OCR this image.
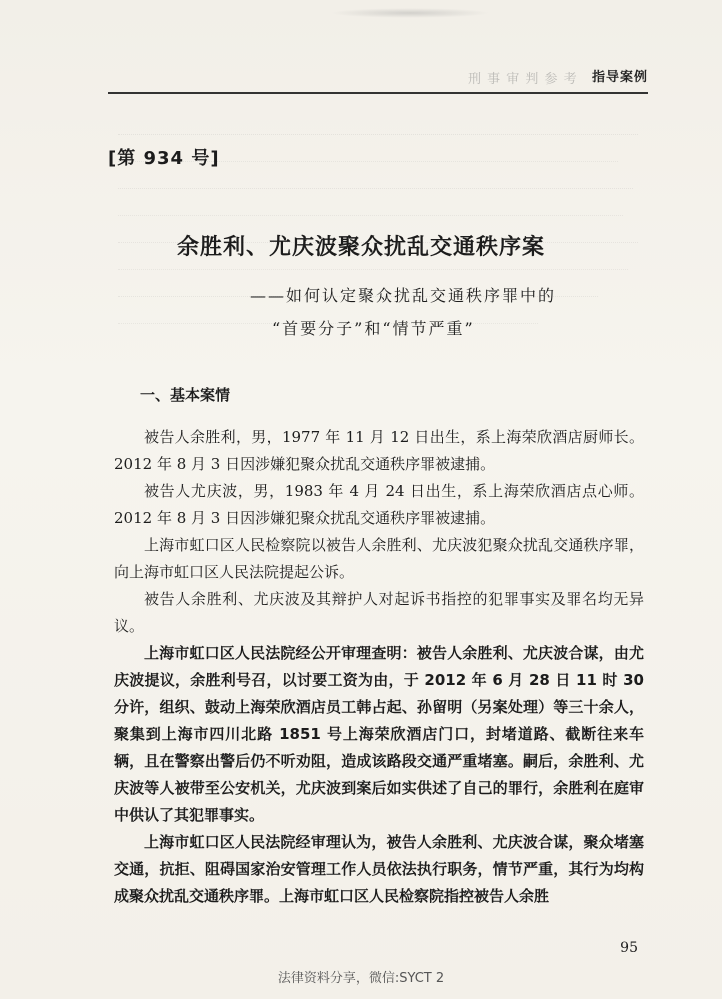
刑 事 审 判 参 考 指导案例
[第 934 号]
余胜利、尤庆波聚众扰乱交通秩序案
——如何认定聚众扰乱交通秩序罪中的
“首要分子”和“情节严重”
一、基本案情

被告人余胜利，男，1977 年 11 月 12 日出生，系上海荣欣酒店厨师长。2012 年 8 月 3 日因涉嫌犯聚众扰乱交通秩序罪被逮捕。

被告人尤庆波，男，1983 年 4 月 24 日出生，系上海荣欣酒店点心师。2012 年 8 月 3 日因涉嫌犯聚众扰乱交通秩序罪被逮捕。

上海市虹口区人民检察院以被告人余胜利、尤庆波犯聚众扰乱交通秩序罪，向上海市虹口区人民法院提起公诉。

被告人余胜利、尤庆波及其辩护人对起诉书指控的犯罪事实及罪名均无异议。

上海市虹口区人民法院经公开审理查明：被告人余胜利、尤庆波合谋，由尤庆波提议，余胜利号召，以讨要工资为由，于 2012 年 6 月 28 日 11 时 30 分许，组织、鼓动上海荣欣酒店员工韩占起、孙留明（另案处理）等三十余人，聚集到上海市四川北路 1851 号上海荣欣酒店门口，封堵道路、截断往来车辆，且在警察出警后仍不听劝阻，造成该路段交通严重堵塞。嗣后，余胜利、尤庆波等人被带至公安机关，尤庆波到案后如实供述了自己的罪行，余胜利在庭审中供认了其犯罪事实。

上海市虹口区人民法院经审理认为，被告人余胜利、尤庆波合谋，聚众堵塞交通，抗拒、阻碍国家治安管理工作人员依法执行职务，情节严重，其行为均构成聚众扰乱交通秩序罪。上海市虹口区人民检察院指控被告人余胜

95
法律资料分享，微信:SYCT 2
